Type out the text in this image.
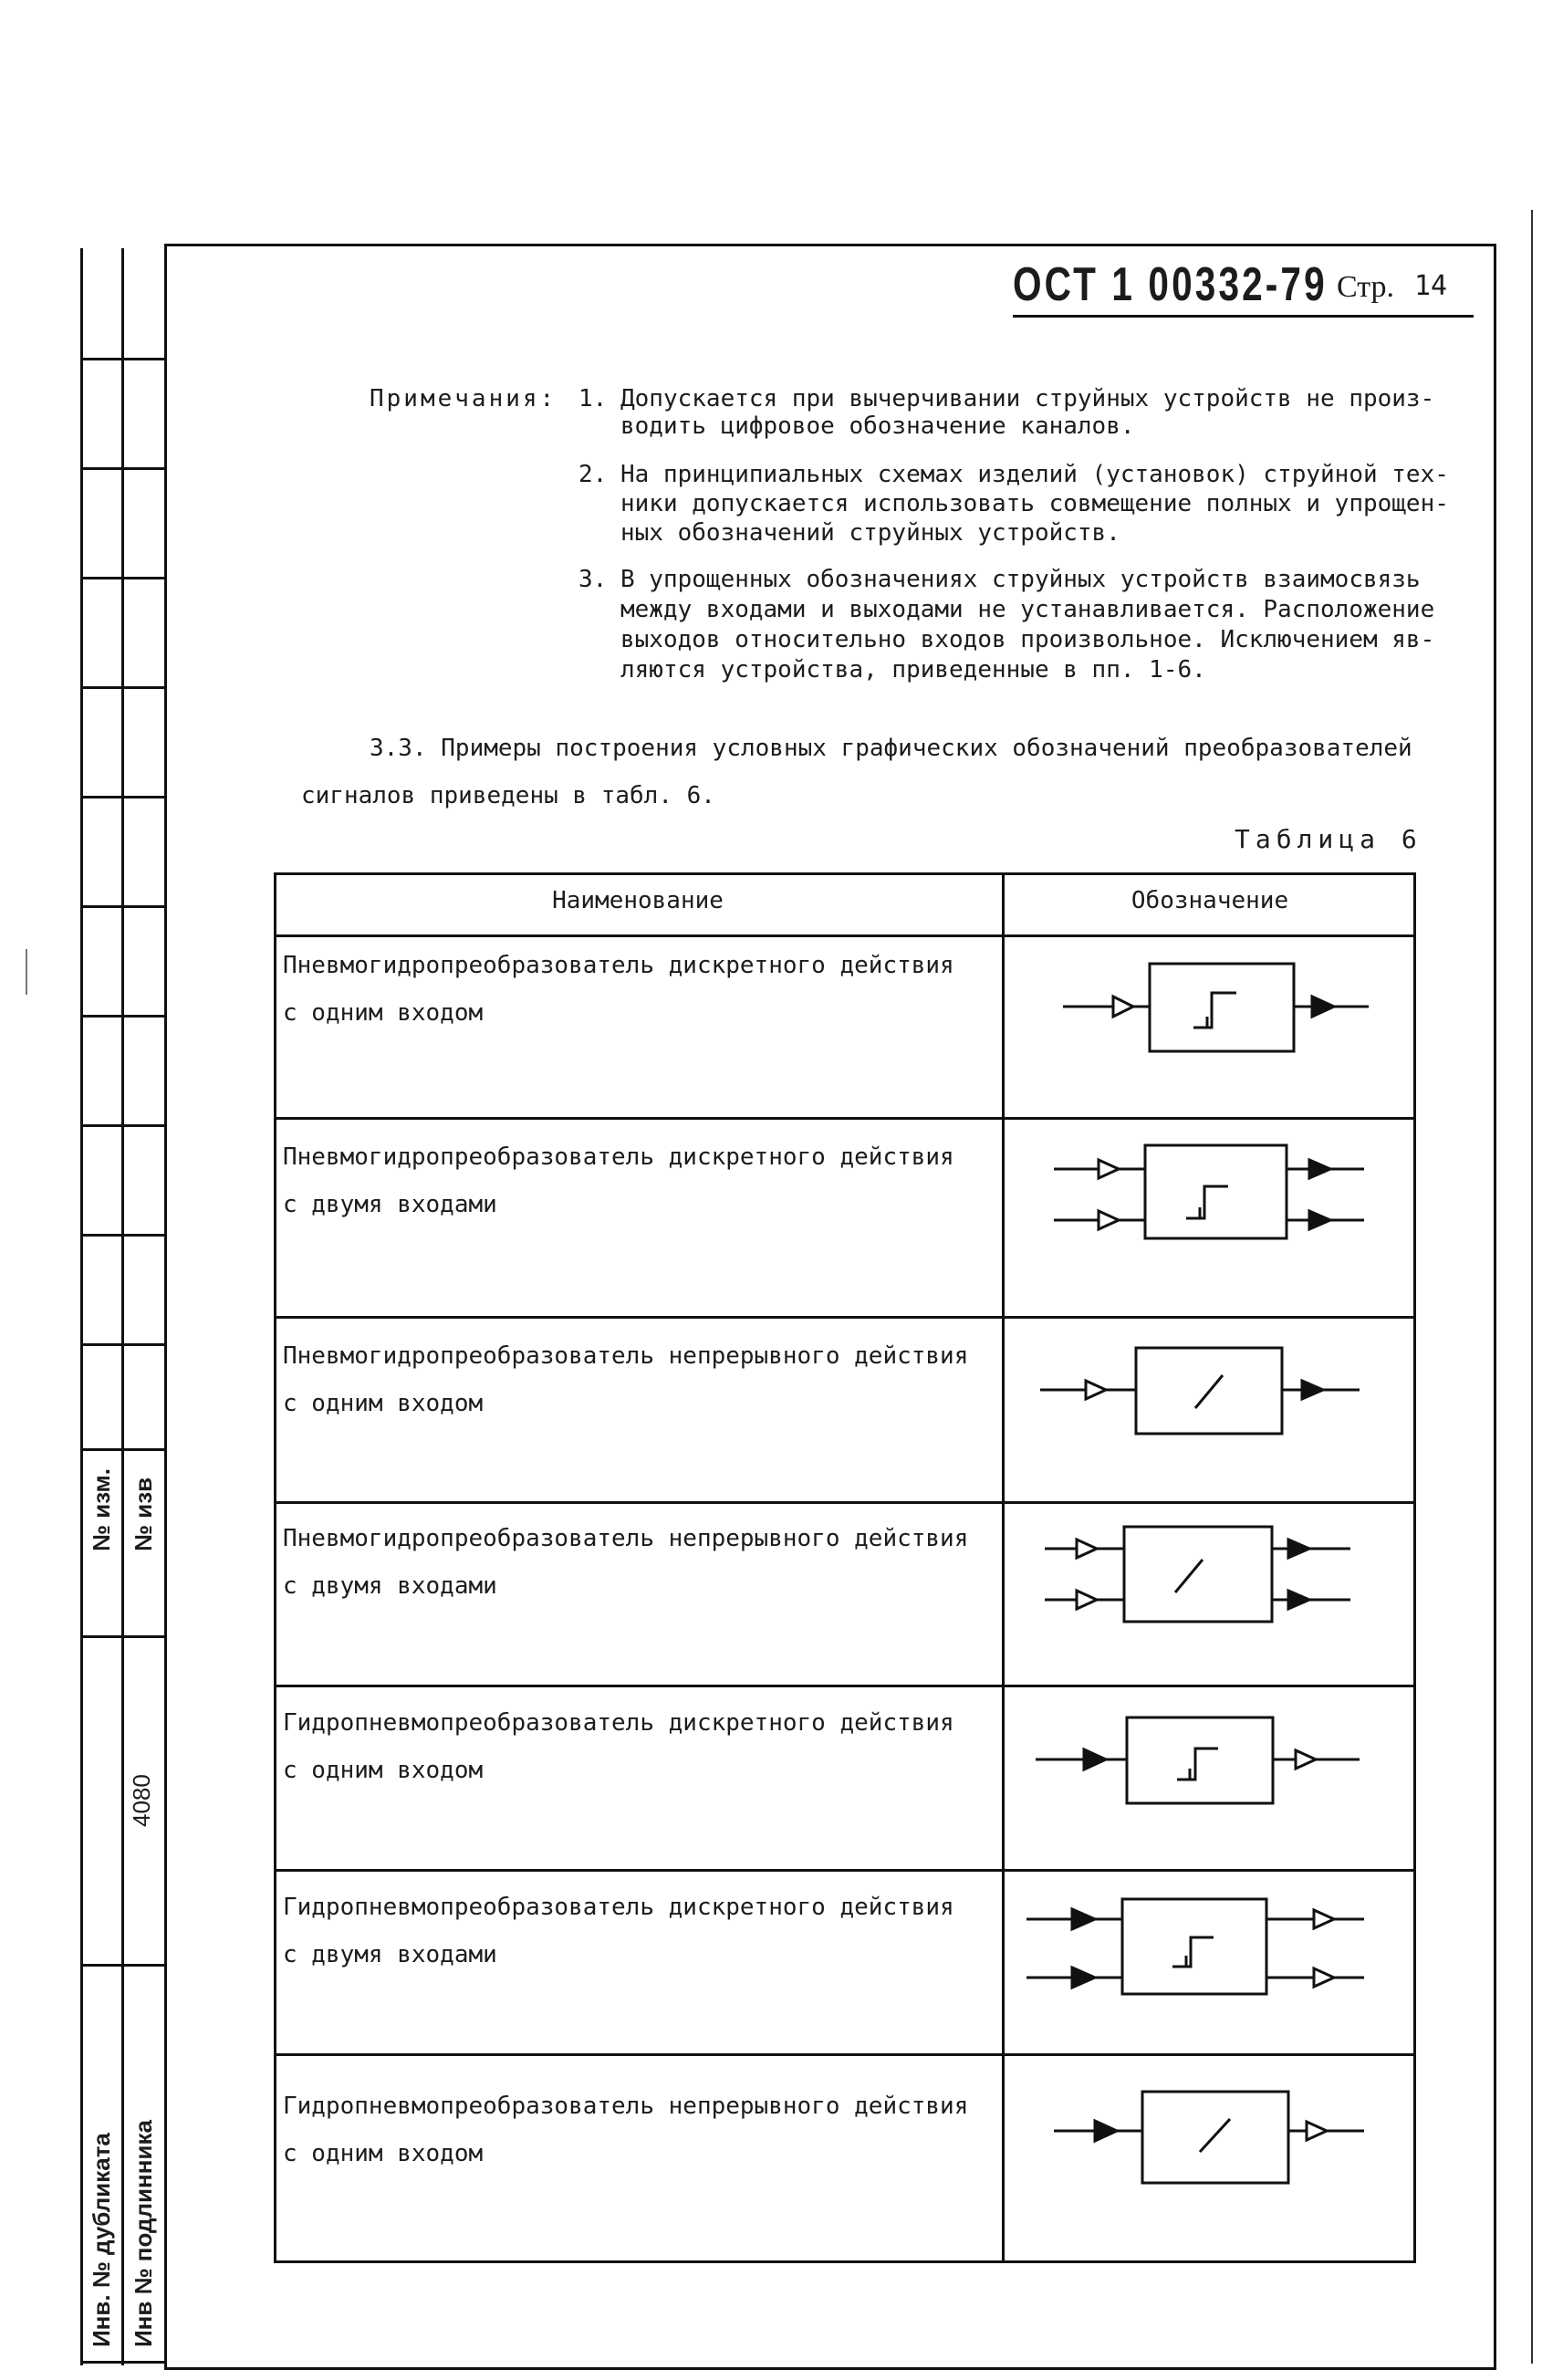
№ изм. № изв
4080
Инв. № дубликата Инв № подлинника
ОСТ 1 00332-79 Стр. 14
Примечания: 1. Допускается при вычерчивании струйных устройств не произ-
водить цифровое обозначение каналов.
2. На принципиальных схемах изделий (установок) струйной тех-
ники допускается использовать совмещение полных и упрощен-
ных обозначений струйных устройств.
3. В упрощенных обозначениях струйных устройств взаимосвязь
между входами и выходами не устанавливается. Расположение
выходов относительно входов произвольное. Исключением яв-
ляются устройства, приведенные в пп. 1-6.
3.3. Примеры построения условных графических обозначений преобразователей
сигналов приведены в табл. 6.
Таблица 6
Наименование	Обозначение
Пневмогидропреобразователь дискретного действия
с одним входом
Пневмогидропреобразователь дискретного действия
с двумя входами
Пневмогидропреобразователь непрерывного действия
с одним входом
Пневмогидропреобразователь непрерывного действия
с двумя входами
Гидропневмопреобразователь дискретного действия
с одним входом
Гидропневмопреобразователь дискретного действия
с двумя входами
Гидропневмопреобразователь непрерывного действия
с одним входом
